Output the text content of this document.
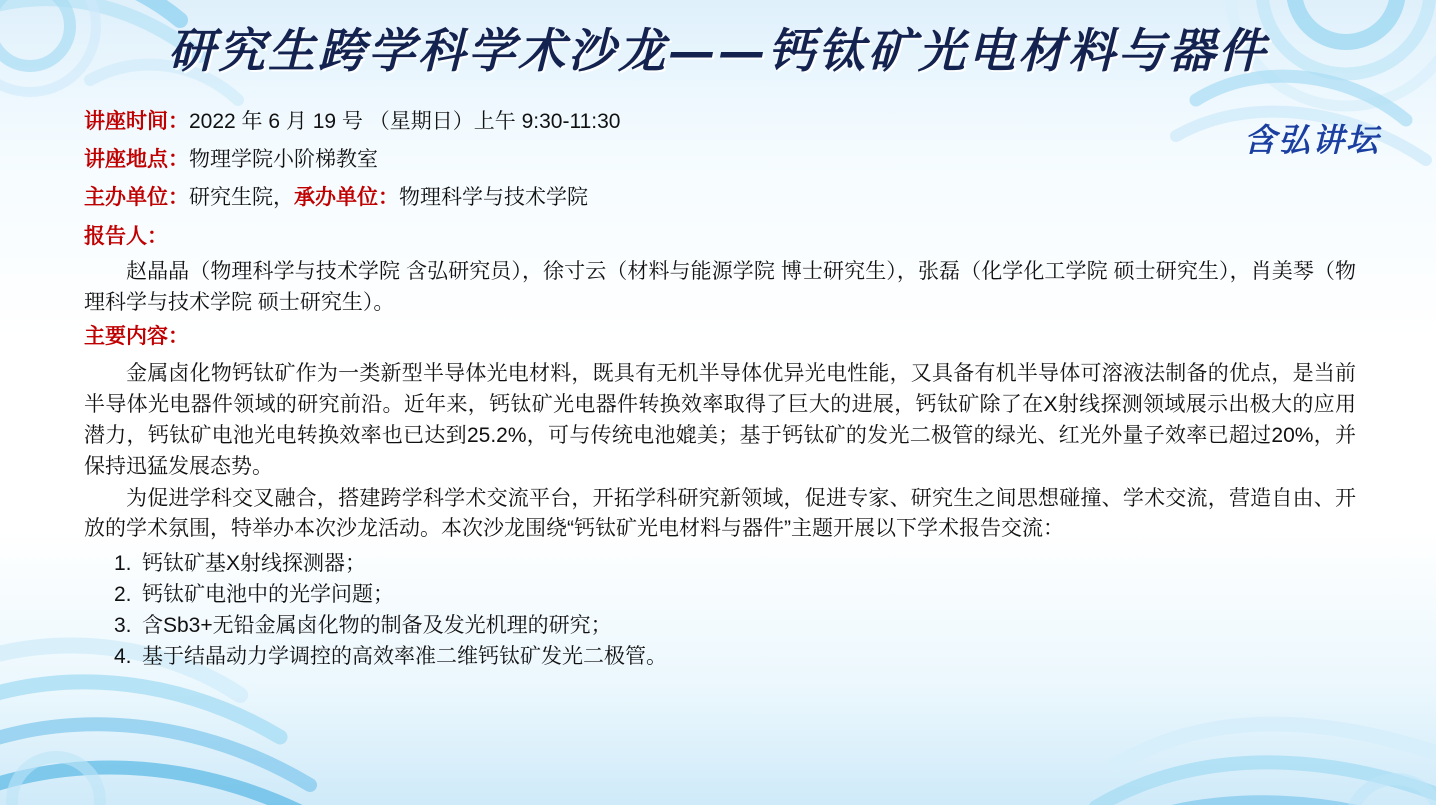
研究生跨学科学术沙龙——钙钛矿光电材料与器件
含弘讲坛
讲座时间：2022 年 6 月 19 号 （星期日）上午 9:30-11:30
讲座地点：物理学院小阶梯教室
主办单位：研究生院，承办单位：物理科学与技术学院
报告人：
赵晶晶（物理科学与技术学院 含弘研究员），徐寸云（材料与能源学院 博士研究生），张磊（化学化工学院 硕士研究生），肖美琴（物理科学与技术学院 硕士研究生）。
主要内容：

金属卤化物钙钛矿作为一类新型半导体光电材料，既具有无机半导体优异光电性能，又具备有机半导体可溶液法制备的优点，是当前半导体光电器件领域的研究前沿。近年来，钙钛矿光电器件转换效率取得了巨大的进展，钙钛矿除了在X射线探测领域展示出极大的应用潜力，钙钛矿电池光电转换效率也已达到25.2%，可与传统电池媲美；基于钙钛矿的发光二极管的绿光、红光外量子效率已超过20%，并保持迅猛发展态势。

为促进学科交叉融合，搭建跨学科学术交流平台，开拓学科研究新领域，促进专家、研究生之间思想碰撞、学术交流，营造自由、开放的学术氛围，特举办本次沙龙活动。本次沙龙围绕“钙钛矿光电材料与器件”主题开展以下学术报告交流：

1. 钙钛矿基X射线探测器；
2. 钙钛矿电池中的光学问题；
3. 含Sb3+无铅金属卤化物的制备及发光机理的研究；
4. 基于结晶动力学调控的高效率准二维钙钛矿发光二极管。
